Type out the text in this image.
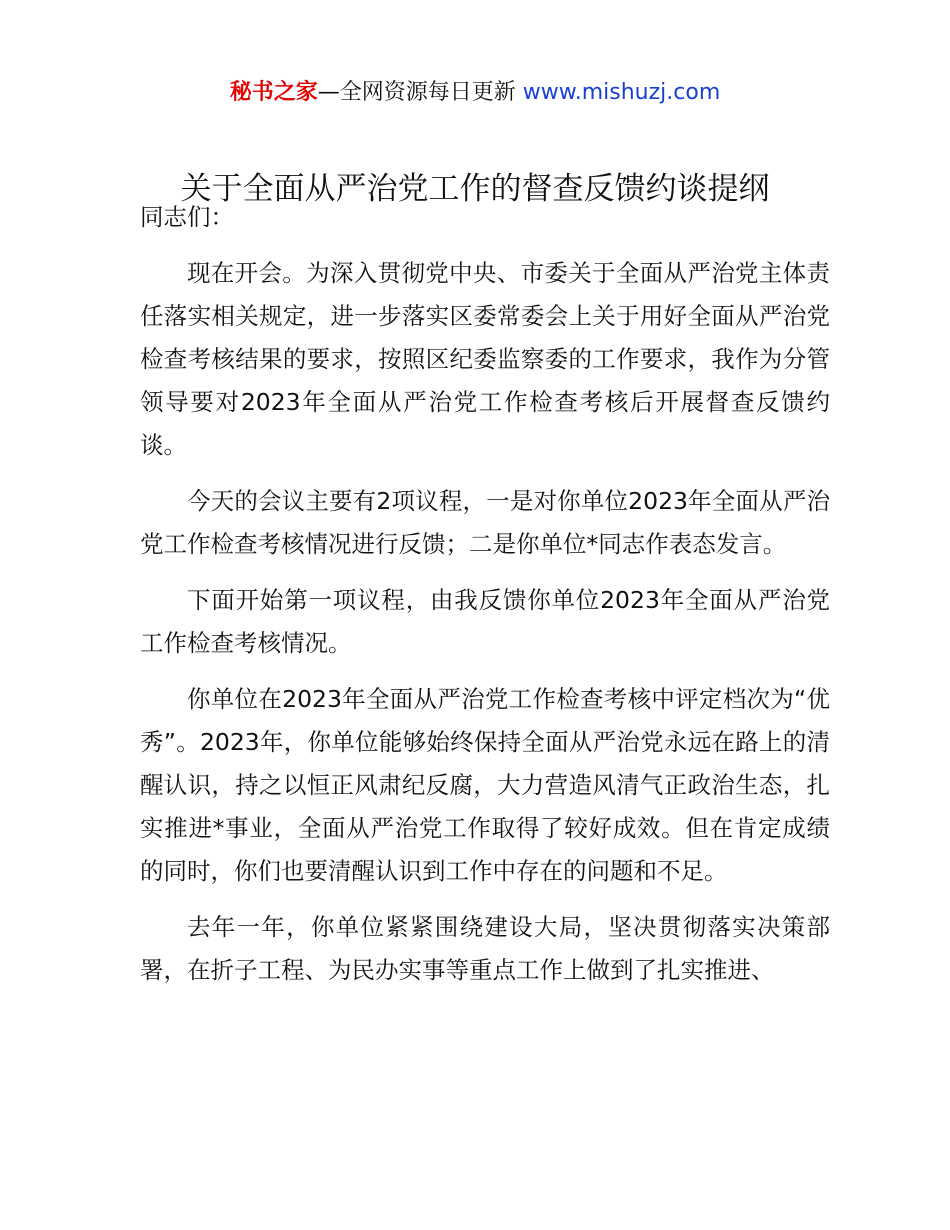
秘书之家—全网资源每日更新 www.mishuzj.com
关于全面从严治党工作的督查反馈约谈提纲

同志们：

现在开会。为深入贯彻党中央、市委关于全面从严治党主体责任落实相关规定，进一步落实区委常委会上关于用好全面从严治党检查考核结果的要求，按照区纪委监察委的工作要求，我作为分管领导要对2023年全面从严治党工作检查考核后开展督查反馈约谈。

今天的会议主要有2项议程，一是对你单位2023年全面从严治党工作检查考核情况进行反馈；二是你单位*同志作表态发言。

下面开始第一项议程，由我反馈你单位2023年全面从严治党工作检查考核情况。

你单位在2023年全面从严治党工作检查考核中评定档次为“优秀”。2023年，你单位能够始终保持全面从严治党永远在路上的清醒认识，持之以恒正风肃纪反腐，大力营造风清气正政治生态，扎实推进*事业，全面从严治党工作取得了较好成效。但在肯定成绩的同时，你们也要清醒认识到工作中存在的问题和不足。

去年一年，你单位紧紧围绕建设大局，坚决贯彻落实决策部署，在折子工程、为民办实事等重点工作上做到了扎实推进、
